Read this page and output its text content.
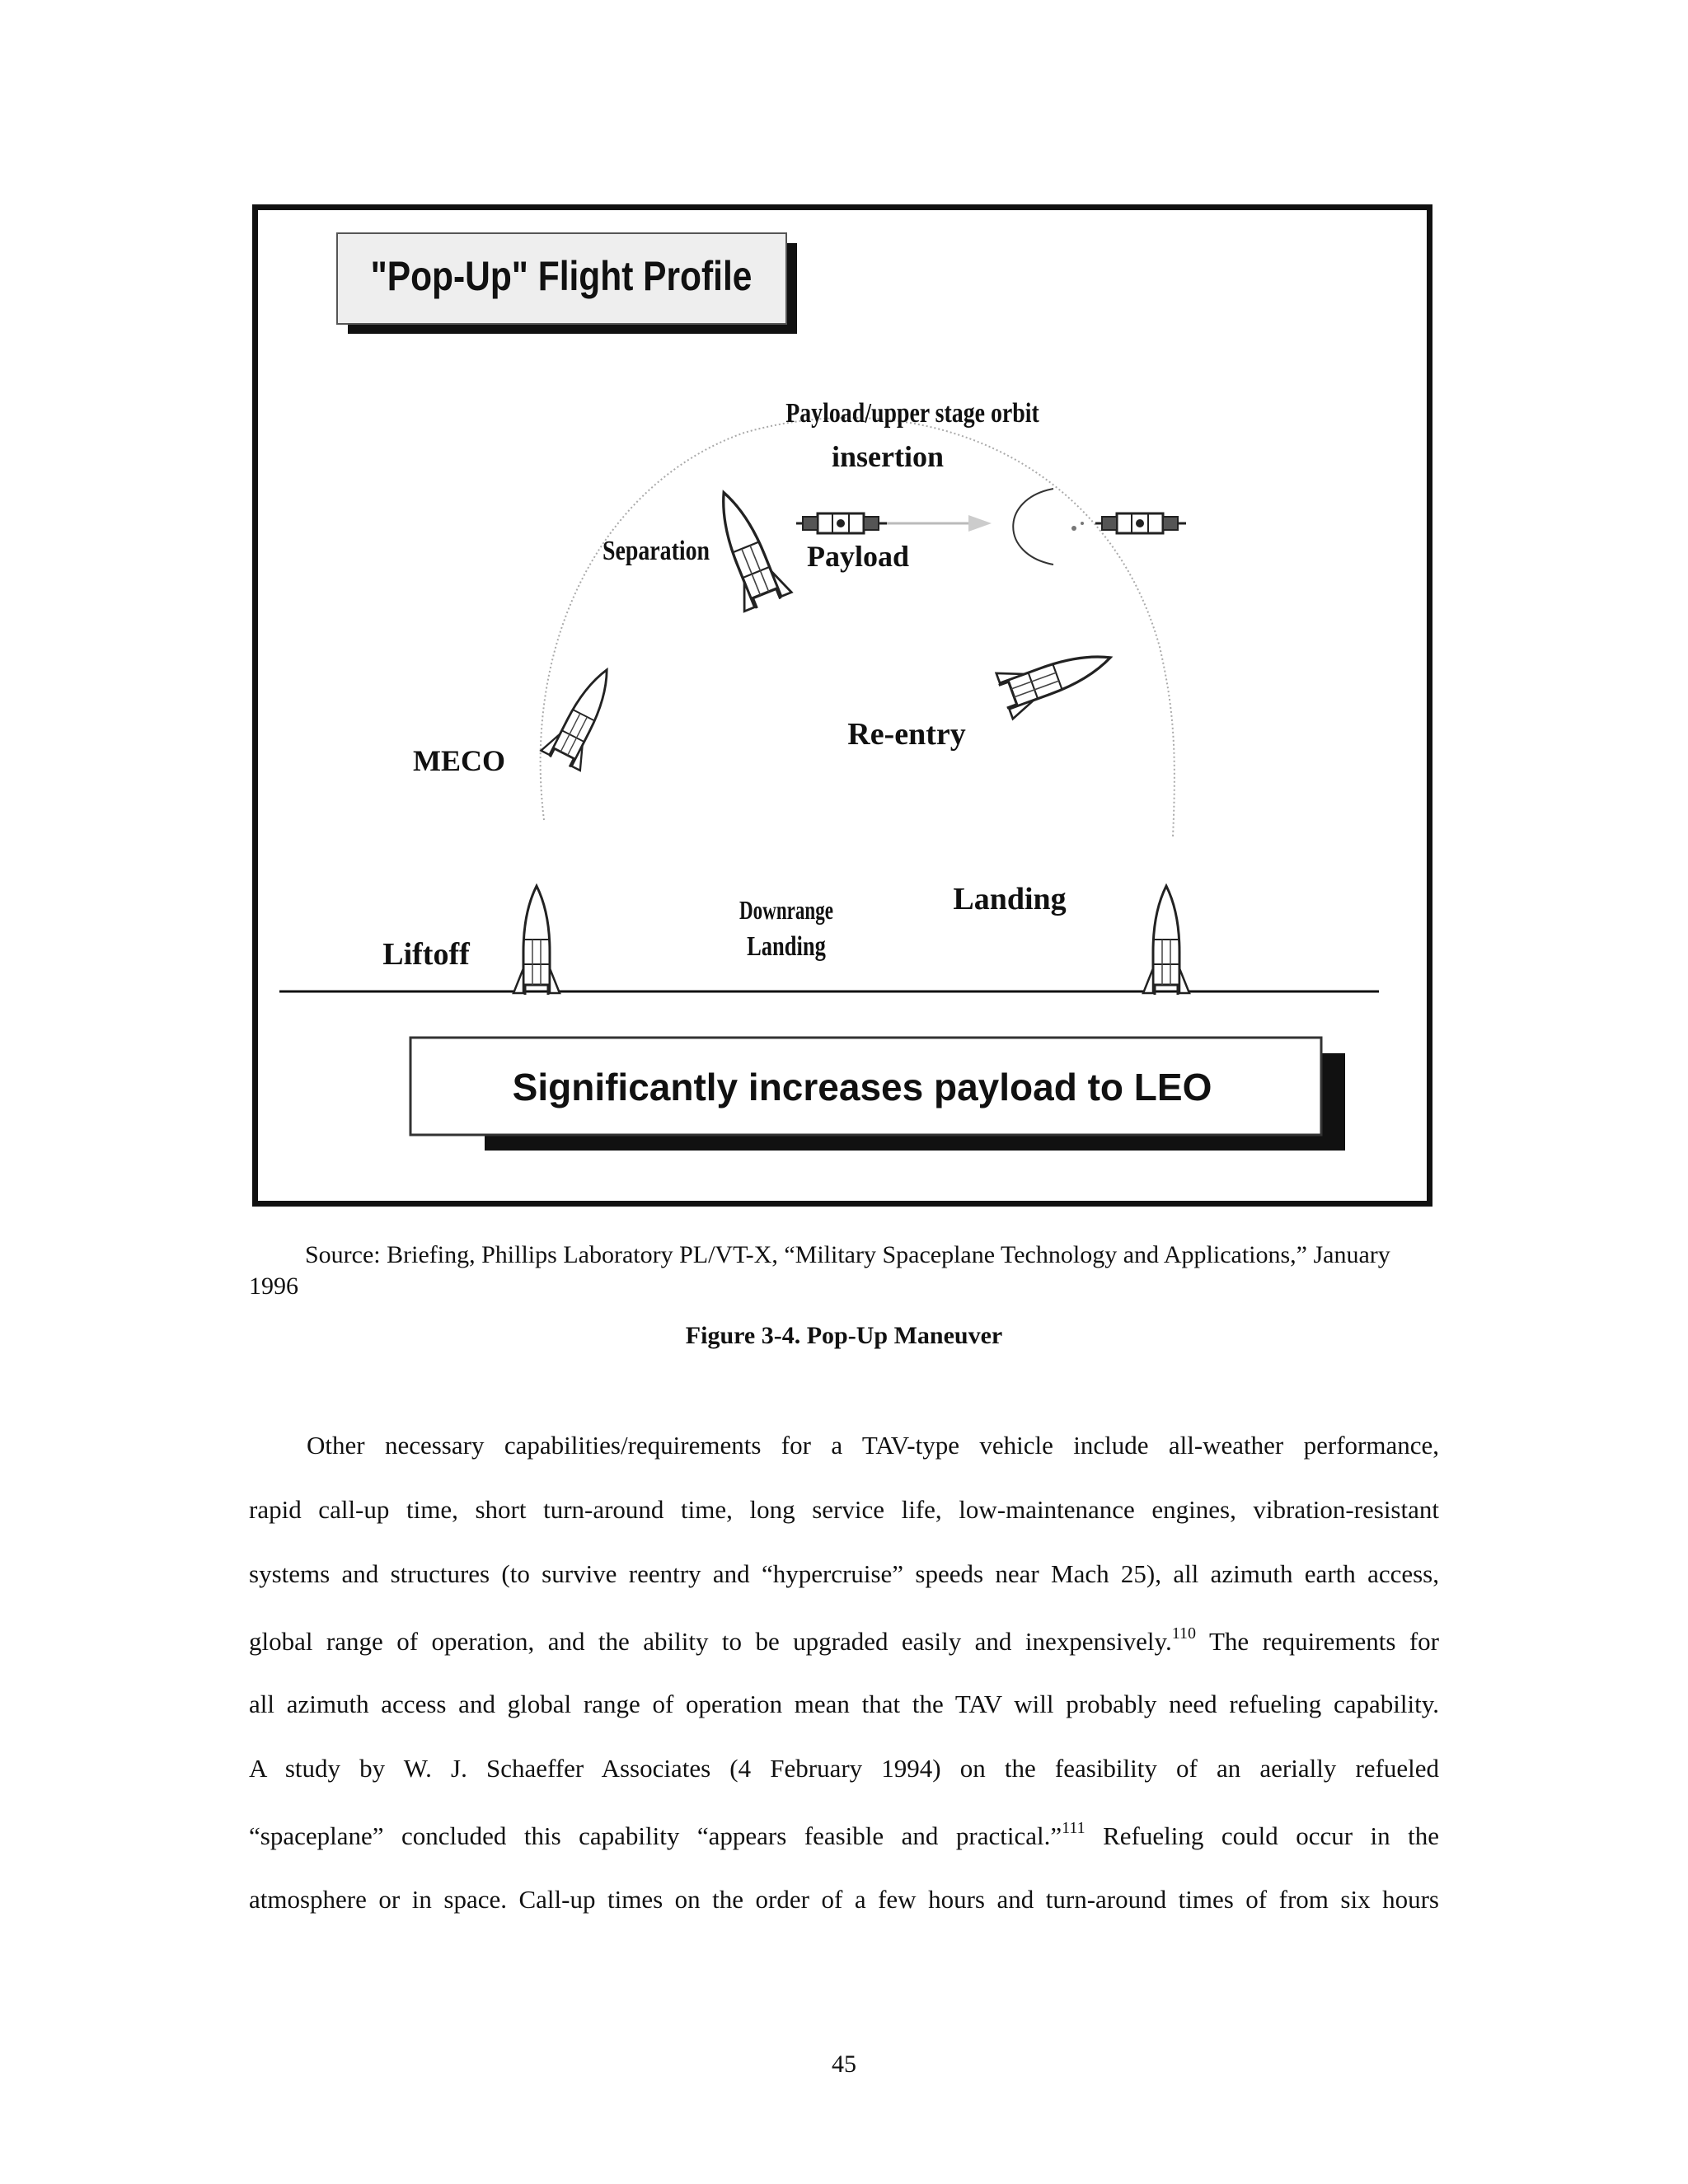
"Pop-Up" Flight Profile
Payload/upper stage orbit
insertion
Separation	Payload
MECO
Re-entry
Liftoff
Downrange
Landing
Landing
Significantly increases payload to LEO
Source: Briefing, Phillips Laboratory PL/VT-X, “Military Spaceplane Technology and Applications,” January 1996
Figure 3-4. Pop-Up Maneuver
Other necessary capabilities/requirements for a TAV-type vehicle include all-weather performance,
rapid call-up time, short turn-around time, long service life, low-maintenance engines, vibration-resistant
systems and structures (to survive reentry and “hypercruise” speeds near Mach 25), all azimuth earth access,
global range of operation, and the ability to be upgraded easily and inexpensively.$^{110}$ The requirements for
all azimuth access and global range of operation mean that the TAV will probably need refueling capability.
A study by W. J. Schaeffer Associates (4 February 1994) on the feasibility of an aerially refueled
“spaceplane” concluded this capability “appears feasible and practical.”$^{111}$ Refueling could occur in the
atmosphere or in space. Call-up times on the order of a few hours and turn-around times of from six hours
45
